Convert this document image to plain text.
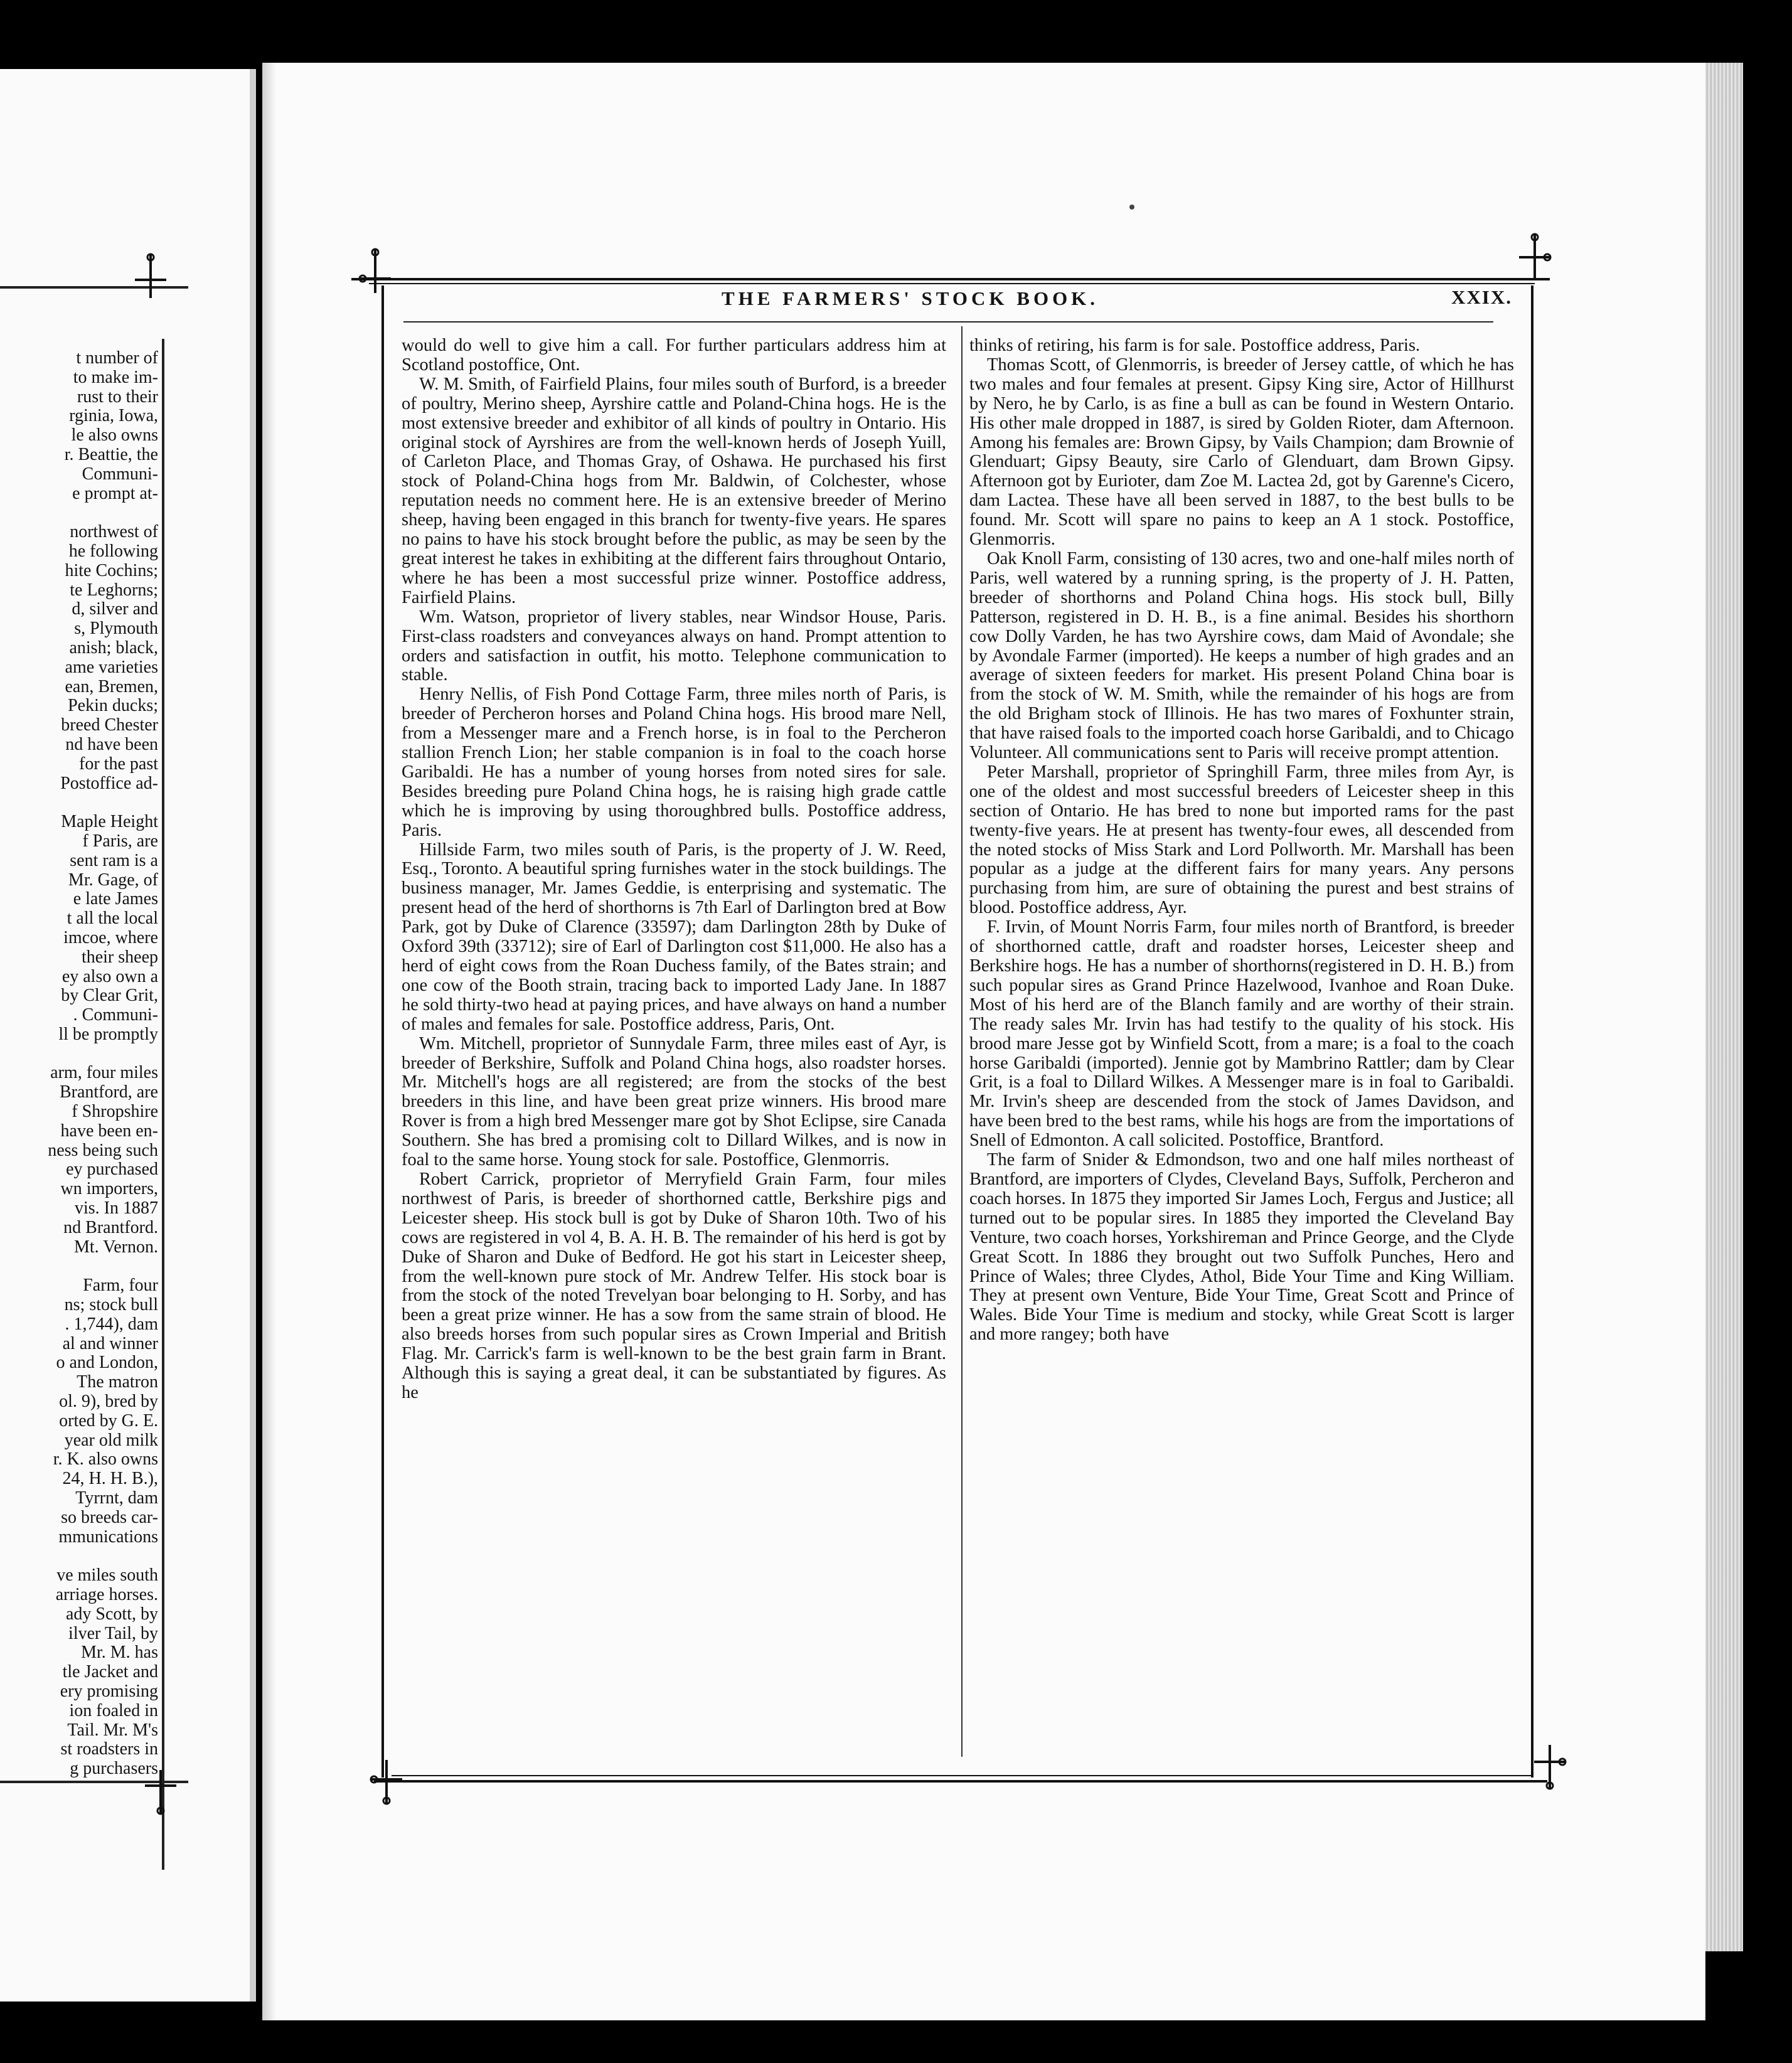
t number of
to make im-
rust to their
rginia, Iowa,
le also owns
r. Beattie, the
Communi-
e prompt at-
northwest of
he following
hite Cochins;
te Leghorns;
d, silver and
s, Plymouth
anish; black,
ame varieties
ean, Bremen,
Pekin ducks;
breed Chester
nd have been
for the past
Postoffice ad-
Maple Height
f Paris, are
sent ram is a
Mr. Gage, of
e late James
t all the local
imcoe, where
their sheep
ey also own a
by Clear Grit,
. Communi-
ll be promptly
arm, four miles
Brantford, are
f Shropshire
have been en-
ness being such
ey purchased
wn importers,
vis. In 1887
nd Brantford.
Mt. Vernon.
Farm, four
ns; stock bull
. 1,744), dam
al and winner
o and London,
The matron
ol. 9), bred by
orted by G. E.
year old milk
r. K. also owns
24, H. H. B.),
Tyrrnt, dam
so breeds car-
mmunications
ve miles south
arriage horses.
ady Scott, by
ilver Tail, by
Mr. M. has
tle Jacket and
ery promising
ion foaled in
Tail. Mr. M's
st roadsters in
g purchasers
THE FARMERS' STOCK BOOK.	XXIX.

would do well to give him a call. For further particulars address him at Scotland postoffice, Ont.

W. M. Smith, of Fairfield Plains, four miles south of Burford, is a breeder of poultry, Merino sheep, Ayrshire cattle and Poland-China hogs. He is the most extensive breeder and exhibitor of all kinds of poultry in Ontario. His original stock of Ayrshires are from the well-known herds of Joseph Yuill, of Carleton Place, and Thomas Gray, of Oshawa. He purchased his first stock of Poland-China hogs from Mr. Baldwin, of Colchester, whose reputation needs no comment here. He is an extensive breeder of Merino sheep, having been engaged in this branch for twenty-five years. He spares no pains to have his stock brought before the public, as may be seen by the great interest he takes in exhibiting at the different fairs throughout Ontario, where he has been a most successful prize winner. Postoffice address, Fairfield Plains.

Wm. Watson, proprietor of livery stables, near Windsor House, Paris. First-class roadsters and conveyances always on hand. Prompt attention to orders and satisfaction in outfit, his motto. Telephone communication to stable.

Henry Nellis, of Fish Pond Cottage Farm, three miles north of Paris, is breeder of Percheron horses and Poland China hogs. His brood mare Nell, from a Messenger mare and a French horse, is in foal to the Percheron stallion French Lion; her stable companion is in foal to the coach horse Garibaldi. He has a number of young horses from noted sires for sale. Besides breeding pure Poland China hogs, he is raising high grade cattle which he is improving by using thoroughbred bulls. Postoffice address, Paris.

Hillside Farm, two miles south of Paris, is the property of J. W. Reed, Esq., Toronto. A beautiful spring furnishes water in the stock buildings. The business manager, Mr. James Geddie, is enterprising and systematic. The present head of the herd of shorthorns is 7th Earl of Darlington bred at Bow Park, got by Duke of Clarence (33597); dam Darlington 28th by Duke of Oxford 39th (33712); sire of Earl of Darlington cost $11,000. He also has a herd of eight cows from the Roan Duchess family, of the Bates strain; and one cow of the Booth strain, tracing back to imported Lady Jane. In 1887 he sold thirty-two head at paying prices, and have always on hand a number of males and females for sale. Postoffice address, Paris, Ont.

Wm. Mitchell, proprietor of Sunnydale Farm, three miles east of Ayr, is breeder of Berkshire, Suffolk and Poland China hogs, also roadster horses. Mr. Mitchell's hogs are all registered; are from the stocks of the best breeders in this line, and have been great prize winners. His brood mare Rover is from a high bred Messenger mare got by Shot Eclipse, sire Canada Southern. She has bred a promising colt to Dillard Wilkes, and is now in foal to the same horse. Young stock for sale. Postoffice, Glenmorris.

Robert Carrick, proprietor of Merryfield Grain Farm, four miles northwest of Paris, is breeder of shorthorned cattle, Berkshire pigs and Leicester sheep. His stock bull is got by Duke of Sharon 10th. Two of his cows are registered in vol 4, B. A. H. B. The remainder of his herd is got by Duke of Sharon and Duke of Bedford. He got his start in Leicester sheep, from the well-known pure stock of Mr. Andrew Telfer. His stock boar is from the stock of the noted Trevelyan boar belonging to H. Sorby, and has been a great prize winner. He has a sow from the same strain of blood. He also breeds horses from such popular sires as Crown Imperial and British Flag. Mr. Carrick's farm is well-known to be the best grain farm in Brant. Although this is saying a great deal, it can be substantiated by figures. As he

thinks of retiring, his farm is for sale. Postoffice address, Paris.

Thomas Scott, of Glenmorris, is breeder of Jersey cattle, of which he has two males and four females at present. Gipsy King sire, Actor of Hillhurst by Nero, he by Carlo, is as fine a bull as can be found in Western Ontario. His other male dropped in 1887, is sired by Golden Rioter, dam Afternoon. Among his females are: Brown Gipsy, by Vails Champion; dam Brownie of Glenduart; Gipsy Beauty, sire Carlo of Glenduart, dam Brown Gipsy. Afternoon got by Eurioter, dam Zoe M. Lactea 2d, got by Garenne's Cicero, dam Lactea. These have all been served in 1887, to the best bulls to be found. Mr. Scott will spare no pains to keep an A 1 stock. Postoffice, Glenmorris.

Oak Knoll Farm, consisting of 130 acres, two and one-half miles north of Paris, well watered by a running spring, is the property of J. H. Patten, breeder of shorthorns and Poland China hogs. His stock bull, Billy Patterson, registered in D. H. B., is a fine animal. Besides his shorthorn cow Dolly Varden, he has two Ayrshire cows, dam Maid of Avondale; she by Avondale Farmer (imported). He keeps a number of high grades and an average of sixteen feeders for market. His present Poland China boar is from the stock of W. M. Smith, while the remainder of his hogs are from the old Brigham stock of Illinois. He has two mares of Foxhunter strain, that have raised foals to the imported coach horse Garibaldi, and to Chicago Volunteer. All communications sent to Paris will receive prompt attention.

Peter Marshall, proprietor of Springhill Farm, three miles from Ayr, is one of the oldest and most successful breeders of Leicester sheep in this section of Ontario. He has bred to none but imported rams for the past twenty-five years. He at present has twenty-four ewes, all descended from the noted stocks of Miss Stark and Lord Pollworth. Mr. Marshall has been popular as a judge at the different fairs for many years. Any persons purchasing from him, are sure of obtaining the purest and best strains of blood. Postoffice address, Ayr.

F. Irvin, of Mount Norris Farm, four miles north of Brantford, is breeder of shorthorned cattle, draft and roadster horses, Leicester sheep and Berkshire hogs. He has a number of shorthorns(registered in D. H. B.) from such popular sires as Grand Prince Hazelwood, Ivanhoe and Roan Duke. Most of his herd are of the Blanch family and are worthy of their strain. The ready sales Mr. Irvin has had testify to the quality of his stock. His brood mare Jesse got by Winfield Scott, from a mare; is a foal to the coach horse Garibaldi (imported). Jennie got by Mambrino Rattler; dam by Clear Grit, is a foal to Dillard Wilkes. A Messenger mare is in foal to Garibaldi. Mr. Irvin's sheep are descended from the stock of James Davidson, and have been bred to the best rams, while his hogs are from the importations of Snell of Edmonton. A call solicited. Postoffice, Brantford.

The farm of Snider & Edmondson, two and one half miles northeast of Brantford, are importers of Clydes, Cleveland Bays, Suffolk, Percheron and coach horses. In 1875 they imported Sir James Loch, Fergus and Justice; all turned out to be popular sires. In 1885 they imported the Cleveland Bay Venture, two coach horses, Yorkshireman and Prince George, and the Clyde Great Scott. In 1886 they brought out two Suffolk Punches, Hero and Prince of Wales; three Clydes, Athol, Bide Your Time and King William. They at present own Venture, Bide Your Time, Great Scott and Prince of Wales. Bide Your Time is medium and stocky, while Great Scott is larger and more rangey; both have
